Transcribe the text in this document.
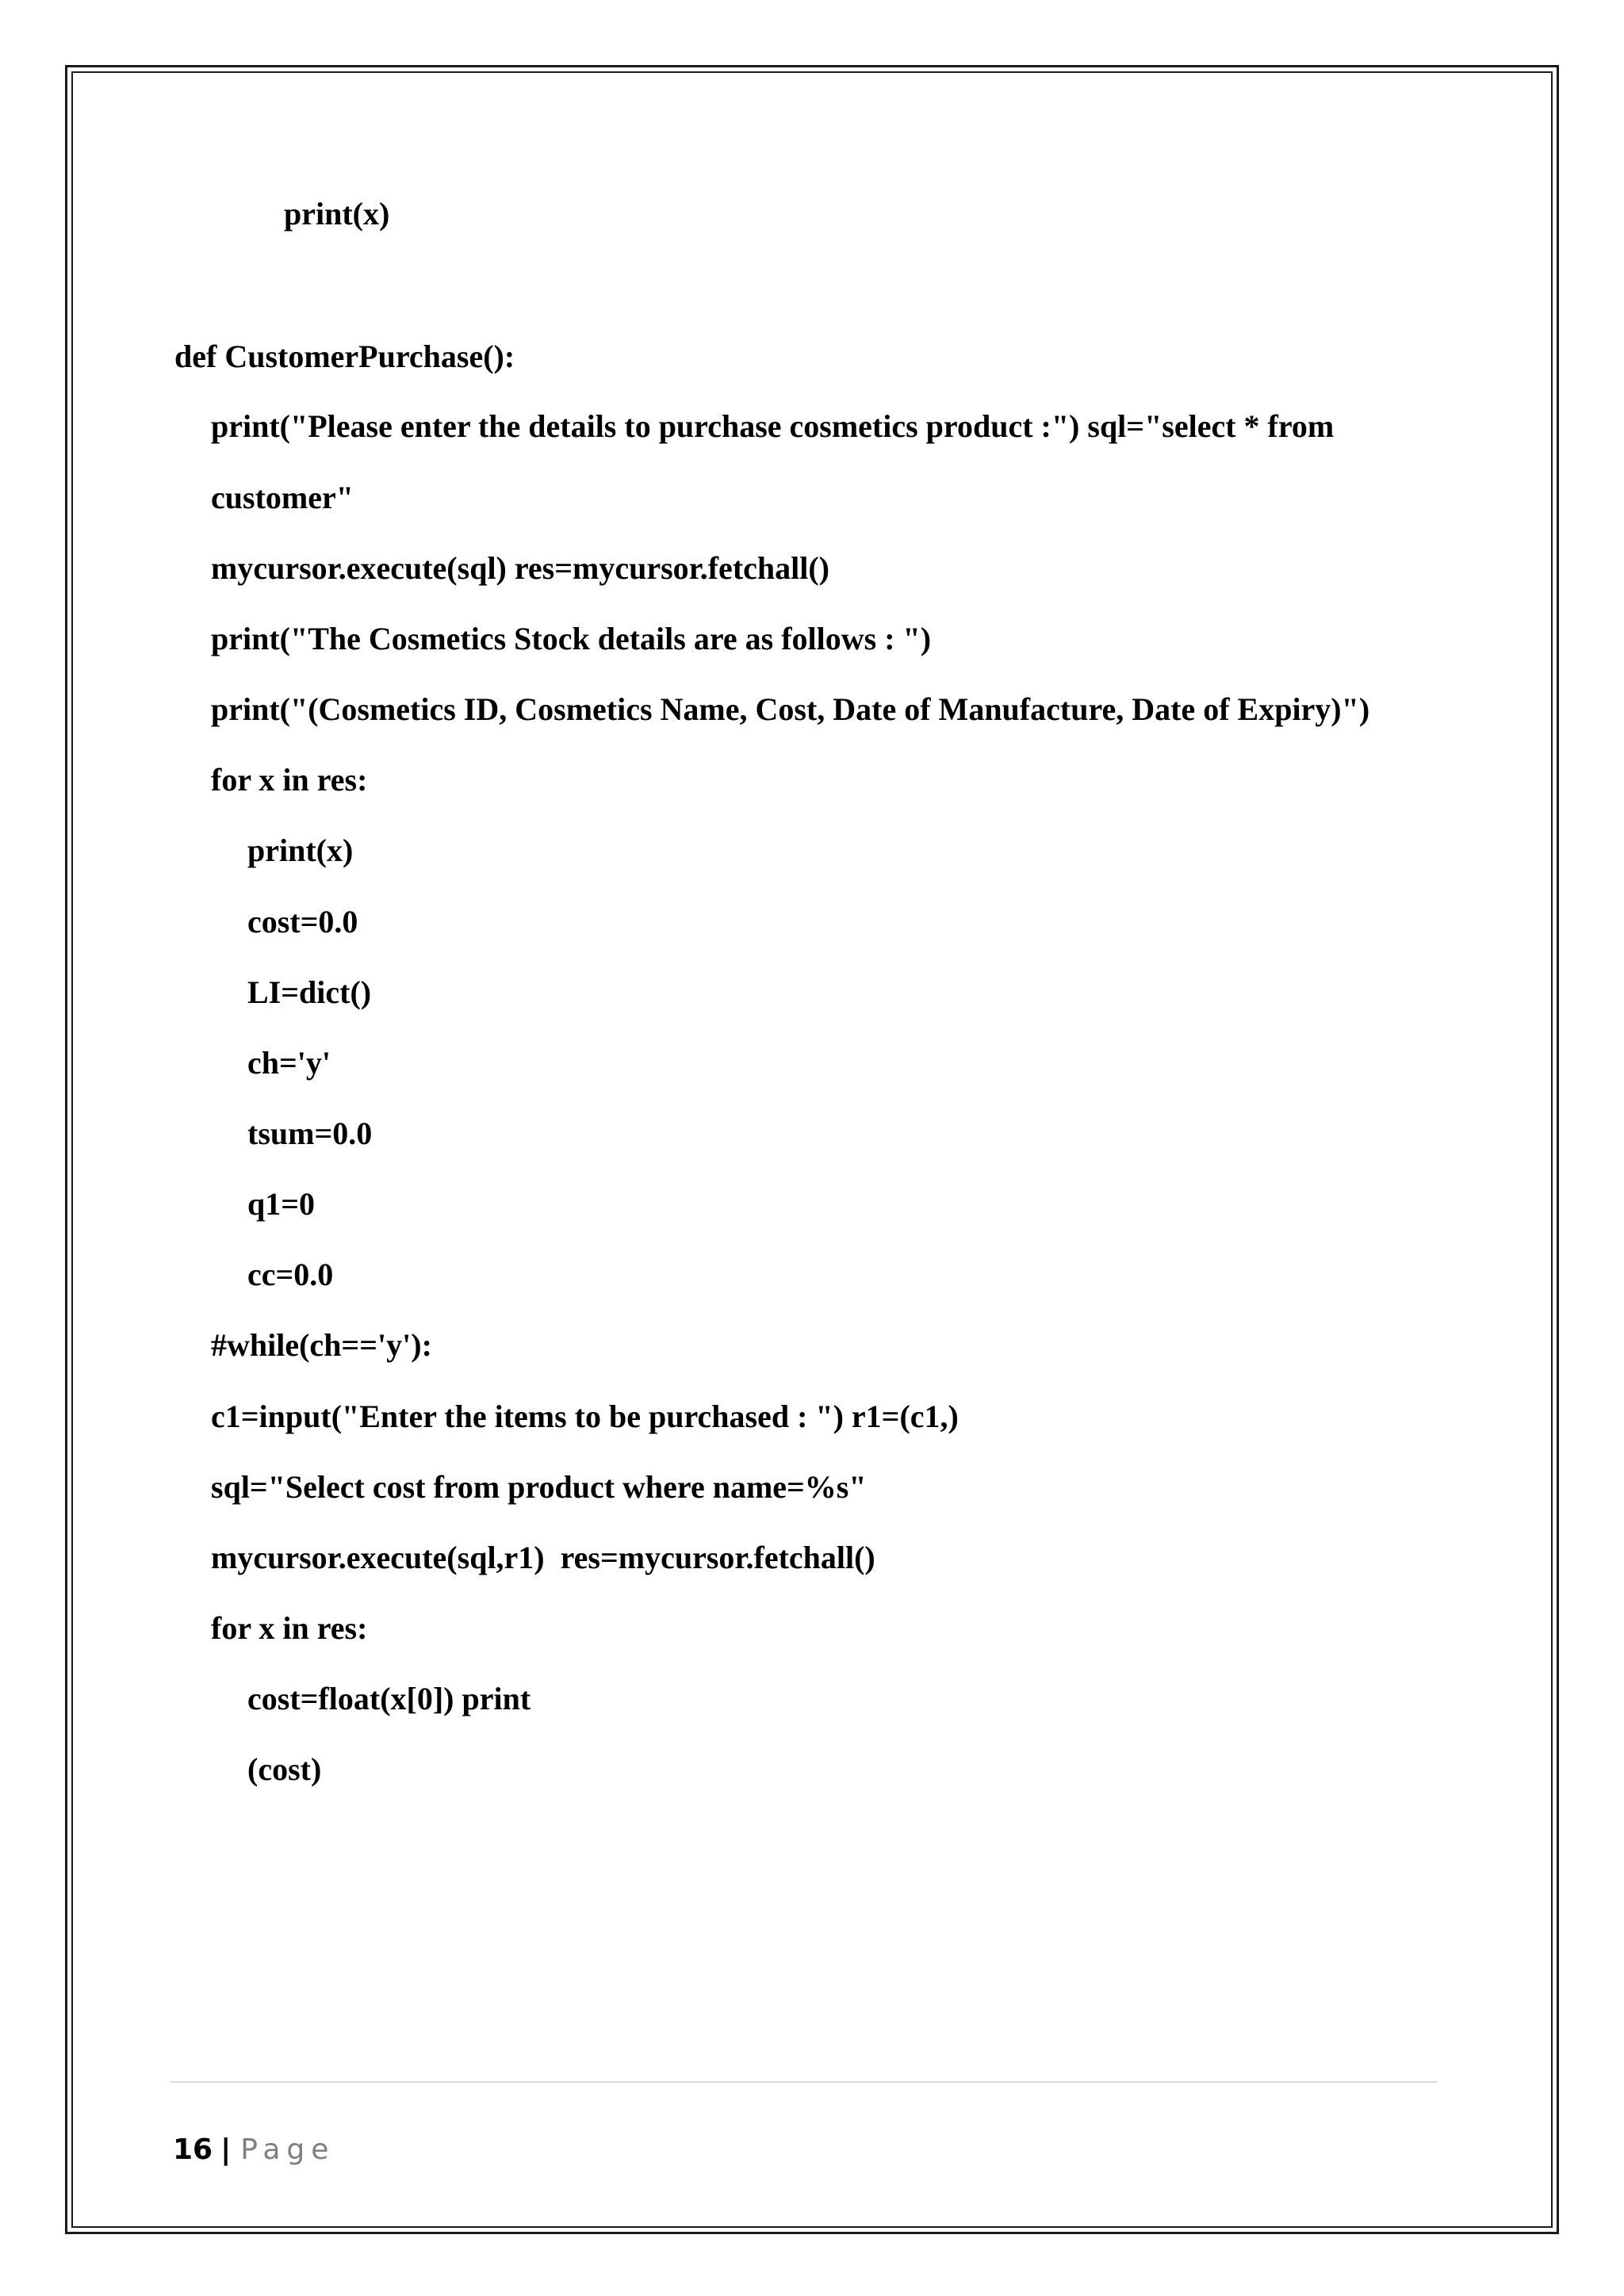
print(x)
def CustomerPurchase():
print("Please enter the details to purchase cosmetics product :") sql="select * from
customer"
mycursor.execute(sql) res=mycursor.fetchall()
print("The Cosmetics Stock details are as follows : ")
print("(Cosmetics ID, Cosmetics Name, Cost, Date of Manufacture, Date of Expiry)")
for x in res:
print(x)
cost=0.0
LI=dict()
ch='y'
tsum=0.0
q1=0
cc=0.0
#while(ch=='y'):
c1=input("Enter the items to be purchased : ") r1=(c1,)
sql="Select cost from product where name=%s"
mycursor.execute(sql,r1)  res=mycursor.fetchall()
for x in res:
cost=float(x[0]) print
(cost)
16 | Page
